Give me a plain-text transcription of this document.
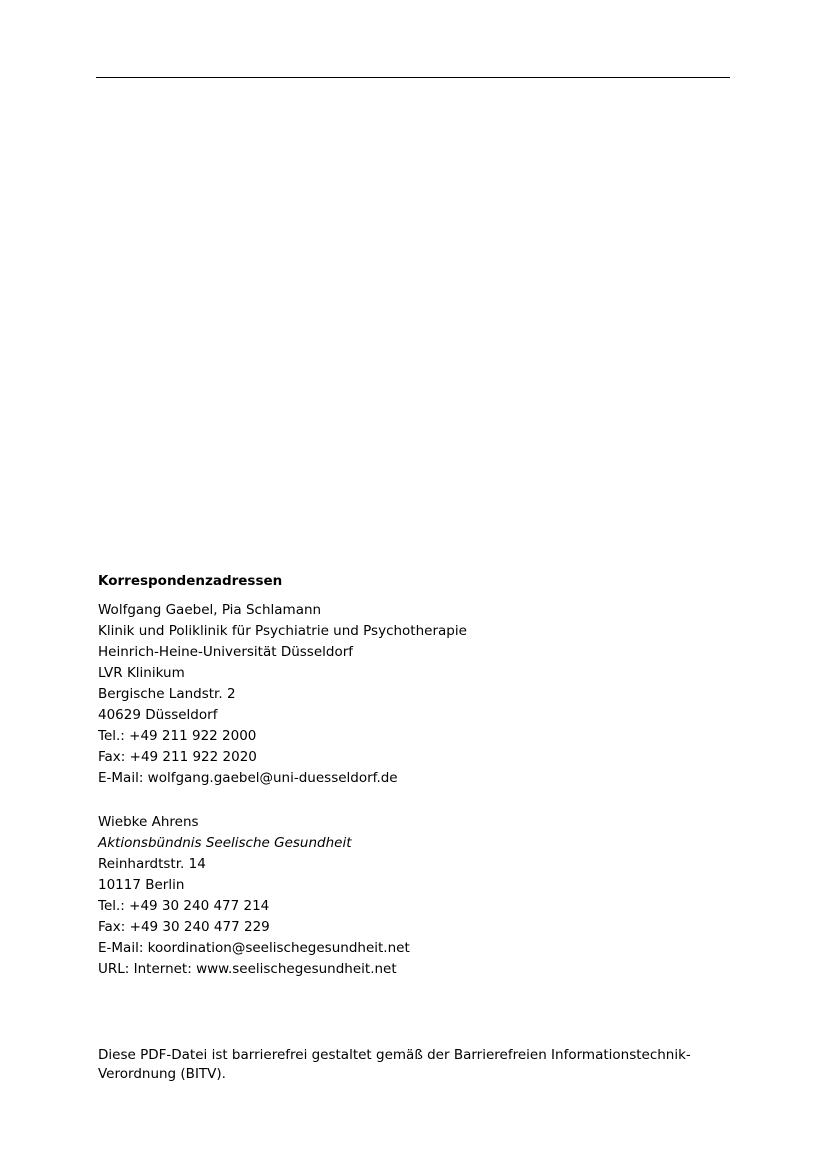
Korrespondenzadressen
Wolfgang Gaebel, Pia Schlamann
Klinik und Poliklinik für Psychiatrie und Psychotherapie
Heinrich-Heine-Universität Düsseldorf
LVR Klinikum
Bergische Landstr. 2
40629 Düsseldorf
Tel.: +49 211 922 2000
Fax: +49 211 922 2020
E-Mail: wolfgang.gaebel@uni-duesseldorf.de
Wiebke Ahrens
Aktionsbündnis Seelische Gesundheit
Reinhardtstr. 14
10117 Berlin
Tel.: +49 30 240 477 214
Fax: +49 30 240 477 229
E-Mail: koordination@seelischegesundheit.net
URL: Internet: www.seelischegesundheit.net

Diese PDF-Datei ist barrierefrei gestaltet gemäß der Barrierefreien Informationstechnik-Verordnung (BITV).
